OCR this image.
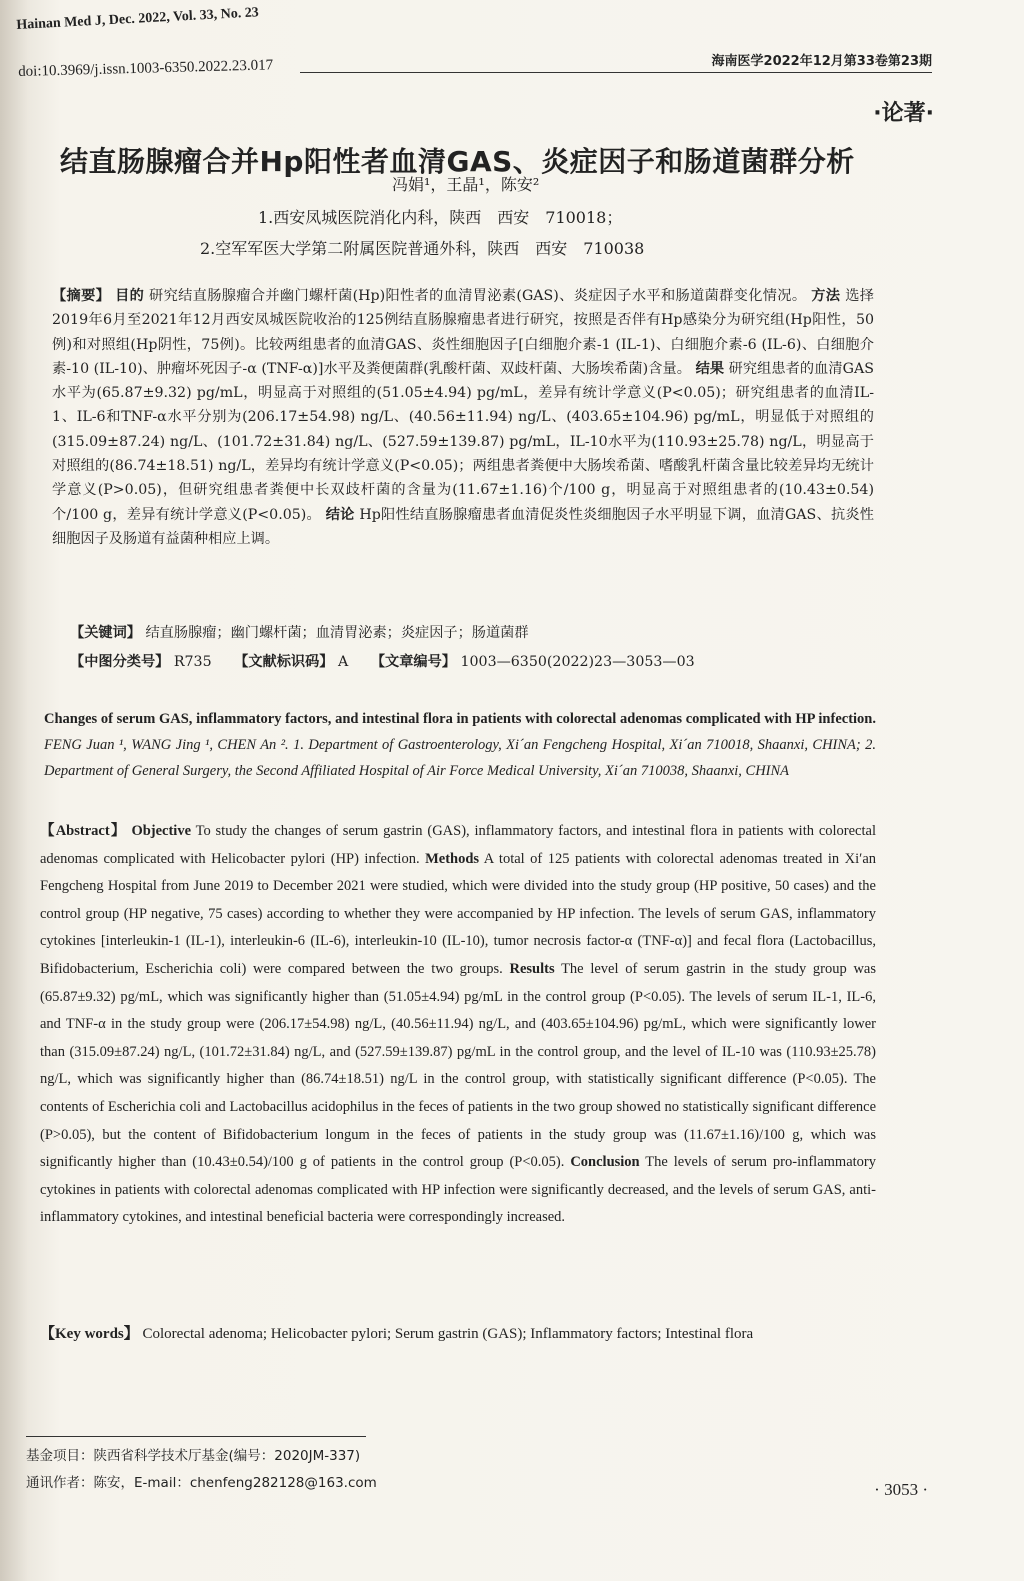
Hainan Med J, Dec. 2022, Vol. 33, No. 23
海南医学2022年12月第33卷第23期
doi:10.3969/j.issn.1003-6350.2022.23.017
·论著·
结直肠腺瘤合并Hp阳性者血清GAS、炎症因子和肠道菌群分析
冯娟¹，王晶¹，陈安²
1.西安凤城医院消化内科，陕西　西安　710018；
2.空军军医大学第二附属医院普通外科，陕西　西安　710038
【摘要】 目的 研究结直肠腺瘤合并幽门螺杆菌(Hp)阳性者的血清胃泌素(GAS)、炎症因子水平和肠道菌群变化情况。 方法 选择2019年6月至2021年12月西安凤城医院收治的125例结直肠腺瘤患者进行研究，按照是否伴有Hp感染分为研究组(Hp阳性，50例)和对照组(Hp阴性，75例)。比较两组患者的血清GAS、炎性细胞因子[白细胞介素-1 (IL-1)、白细胞介素-6 (IL-6)、白细胞介素-10 (IL-10)、肿瘤坏死因子-α (TNF-α)]水平及粪便菌群(乳酸杆菌、双歧杆菌、大肠埃希菌)含量。 结果 研究组患者的血清GAS水平为(65.87±9.32) pg/mL，明显高于对照组的(51.05±4.94) pg/mL，差异有统计学意义(P<0.05)；研究组患者的血清IL-1、IL-6和TNF-α水平分别为(206.17±54.98) ng/L、(40.56±11.94) ng/L、(403.65±104.96) pg/mL，明显低于对照组的(315.09±87.24) ng/L、(101.72±31.84) ng/L、(527.59±139.87) pg/mL，IL-10水平为(110.93±25.78) ng/L，明显高于对照组的(86.74±18.51) ng/L，差异均有统计学意义(P<0.05)；两组患者粪便中大肠埃希菌、嗜酸乳杆菌含量比较差异均无统计学意义(P>0.05)，但研究组患者粪便中长双歧杆菌的含量为(11.67±1.16)个/100 g，明显高于对照组患者的(10.43±0.54)个/100 g，差异有统计学意义(P<0.05)。 结论 Hp阳性结直肠腺瘤患者血清促炎性炎细胞因子水平明显下调，血清GAS、抗炎性细胞因子及肠道有益菌种相应上调。
【关键词】 结直肠腺瘤；幽门螺杆菌；血清胃泌素；炎症因子；肠道菌群
【中图分类号】 R735 【文献标识码】 A 【文章编号】 1003—6350(2022)23—3053—03
Changes of serum GAS, inflammatory factors, and intestinal flora in patients with colorectal adenomas complicated with HP infection. FENG Juan ¹, WANG Jing ¹, CHEN An ². 1. Department of Gastroenterology, Xi´an Fengcheng Hospital, Xi´an 710018, Shaanxi, CHINA; 2. Department of General Surgery, the Second Affiliated Hospital of Air Force Medical University, Xi´an 710038, Shaanxi, CHINA
【Abstract】 Objective To study the changes of serum gastrin (GAS), inflammatory factors, and intestinal flora in patients with colorectal adenomas complicated with Helicobacter pylori (HP) infection. Methods A total of 125 patients with colorectal adenomas treated in Xi′an Fengcheng Hospital from June 2019 to December 2021 were studied, which were divided into the study group (HP positive, 50 cases) and the control group (HP negative, 75 cases) according to whether they were accompanied by HP infection. The levels of serum GAS, inflammatory cytokines [interleukin-1 (IL-1), interleukin-6 (IL-6), interleukin-10 (IL-10), tumor necrosis factor-α (TNF-α)] and fecal flora (Lactobacillus, Bifidobacterium, Escherichia coli) were compared between the two groups. Results The level of serum gastrin in the study group was (65.87±9.32) pg/mL, which was significantly higher than (51.05±4.94) pg/mL in the control group (P<0.05). The levels of serum IL-1, IL-6, and TNF-α in the study group were (206.17±54.98) ng/L, (40.56±11.94) ng/L, and (403.65±104.96) pg/mL, which were significantly lower than (315.09±87.24) ng/L, (101.72±31.84) ng/L, and (527.59±139.87) pg/mL in the control group, and the level of IL-10 was (110.93±25.78) ng/L, which was significantly higher than (86.74±18.51) ng/L in the control group, with statistically significant difference (P<0.05). The contents of Escherichia coli and Lactobacillus acidophilus in the feces of patients in the two group showed no statistically significant difference (P>0.05), but the content of Bifidobacterium longum in the feces of patients in the study group was (11.67±1.16)/100 g, which was significantly higher than (10.43±0.54)/100 g of patients in the control group (P<0.05). Conclusion The levels of serum pro-inflammatory cytokines in patients with colorectal adenomas complicated with HP infection were significantly decreased, and the levels of serum GAS, anti-inflammatory cytokines, and intestinal beneficial bacteria were correspondingly increased.
【Key words】 Colorectal adenoma; Helicobacter pylori; Serum gastrin (GAS); Inflammatory factors; Intestinal flora
基金项目：陕西省科学技术厅基金(编号：2020JM-337)
通讯作者：陈安，E-mail：chenfeng282128@163.com	· 3053 ·
